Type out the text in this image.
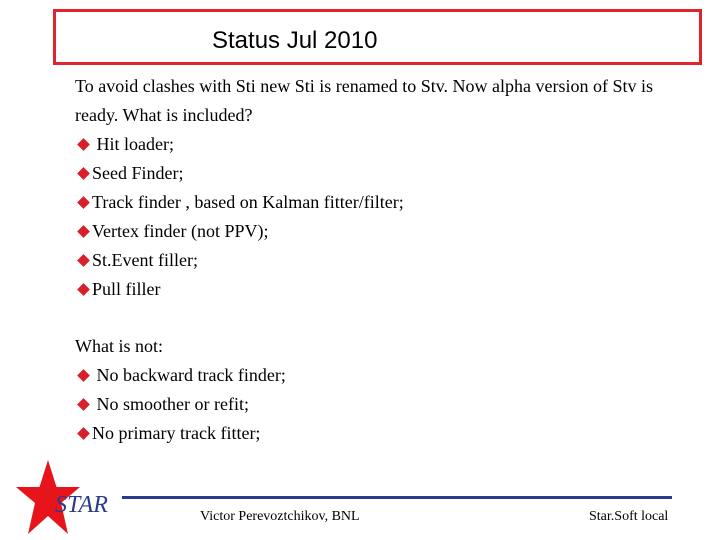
Status Jul 2010

To avoid clashes with Sti new Sti is renamed to Stv. Now alpha version of Stv is ready. What is included?

Hit loader;
Seed Finder;
Track finder , based on Kalman fitter/filter;
Vertex finder (not PPV);
St.Event filler;
Pull filler

What is not:

No backward track finder;
No smoother or refit;
No primary track fitter;
STAR	Victor Perevoztchikov, BNL	Star.Soft local
